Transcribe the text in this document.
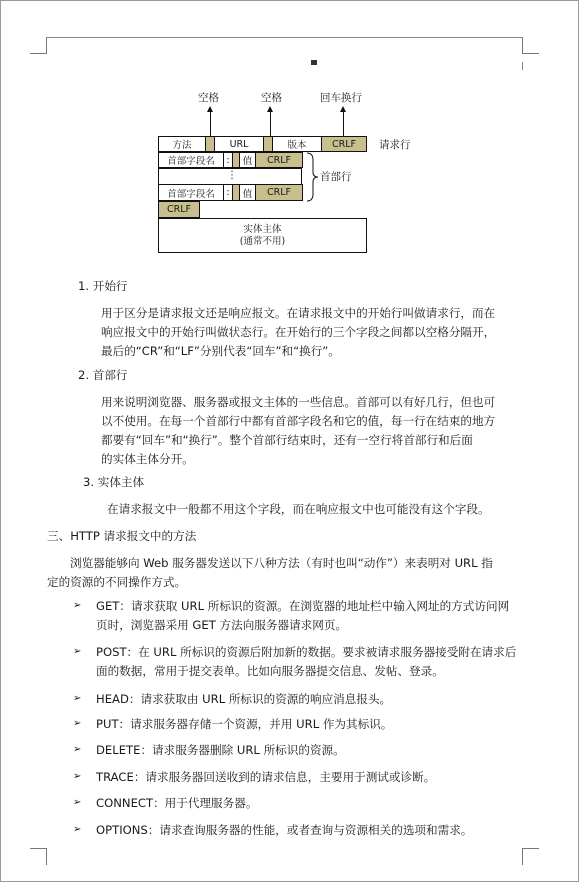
空格	空格	回车换行
方法	URL	版本	CRLF	请求行
首部字段名	:	值	CRLF
⋮
首部字段名	:	值	CRLF
首部行
CRLF
实体主体
(通常不用)
1. 开始行
用于区分是请求报文还是响应报文。在请求报文中的开始行叫做请求行，而在
响应报文中的开始行叫做状态行。在开始行的三个字段之间都以空格分隔开，
最后的“CR”和“LF”分别代表“回车”和“换行”。
2. 首部行
用来说明浏览器、服务器或报文主体的一些信息。首部可以有好几行，但也可
以不使用。在每一个首部行中都有首部字段名和它的值，每一行在结束的地方
都要有“回车”和“换行”。整个首部行结束时，还有一空行将首部行和后面
的实体主体分开。
3. 实体主体
在请求报文中一般都不用这个字段，而在响应报文中也可能没有这个字段。
三、HTTP 请求报文中的方法
浏览器能够向 Web 服务器发送以下八种方法（有时也叫“动作”）来表明对 URL 指
定的资源的不同操作方式。
➢ GET：请求获取 URL 所标识的资源。在浏览器的地址栏中输入网址的方式访问网
页时，浏览器采用 GET 方法向服务器请求网页。
➢ POST：在 URL 所标识的资源后附加新的数据。要求被请求服务器接受附在请求后
面的数据，常用于提交表单。比如向服务器提交信息、发帖、登录。
➢ HEAD：请求获取由 URL 所标识的资源的响应消息报头。
➢ PUT：请求服务器存储一个资源，并用 URL 作为其标识。
➢ DELETE：请求服务器删除 URL 所标识的资源。
➢ TRACE：请求服务器回送收到的请求信息，主要用于测试或诊断。
➢ CONNECT：用于代理服务器。
➢ OPTIONS：请求查询服务器的性能，或者查询与资源相关的选项和需求。
